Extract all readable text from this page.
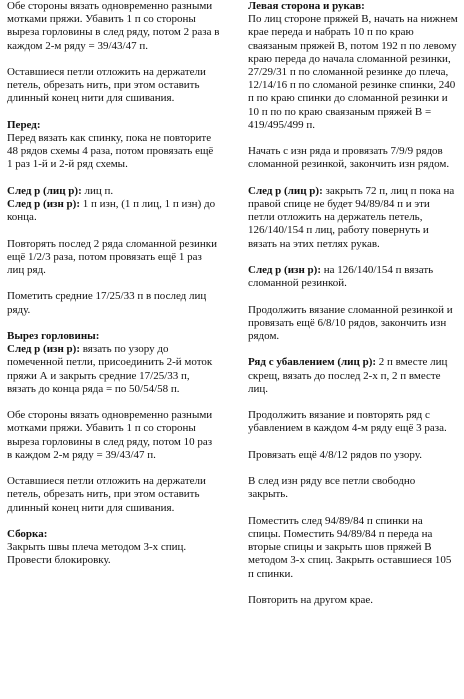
Обе стороны вязать одновременно разными мотками пряжи. Убавить 1 п со стороны выреза горловины в след ряду, потом 2 раза в каждом 2-м ряду = 39/43/47 п.

Оставшиеся петли отложить на держатели петель, обрезать нить, при этом оставить длинный конец нити для сшивания.

Перед:
Перед вязать как спинку, пока не повторите 48 рядов схемы 4 раза, потом провязать ещё 1 раз 1-й и 2-й ряд схемы.

След р (лиц р): лиц п.

След р (изн р): 1 п изн, (1 п лиц, 1 п изн) до конца.

Повторять послед 2 ряда сломанной резинки ещё 1/2/3 раза, потом провязать ещё 1 раз лиц ряд.

Пометить средние 17/25/33 п в послед лиц ряду.

Вырез горловины:
След р (изн р): вязать по узору до помеченной петли, присоединить 2-й моток пряжи А и закрыть средние 17/25/33 п, вязать до конца ряда = по 50/54/58 п.

Обе стороны вязать одновременно разными мотками пряжи. Убавить 1 п со стороны выреза горловины в след ряду, потом 10 раз в каждом 2-м ряду = 39/43/47 п.

Оставшиеся петли отложить на держатели петель, обрезать нить, при этом оставить длинный конец нити для сшивания.

Сборка:
Закрыть швы плеча методом 3-х спиц. Провести блокировку.

Левая сторона и рукав:
По лиц стороне пряжей В, начать на нижнем крае переда и набрать 10 п по краю сваязаным пряжей В, потом 192 п по левому краю переда до начала сломанной резинки, 27/29/31 п по сломанной резинке до плеча, 12/14/16 п по сломаной резинке спинки, 240 п по краю спинки до сломанной резинки и 10 п по по краю сваязаным пряжей В = 419/495/499 п.

Начать с изн ряда и провязать 7/9/9 рядов сломанной резинкой, закончить изн рядом.

След р (лиц р): закрыть 72 п, лиц п пока на правой спице не будет 94/89/84 п и эти петли отложить на держатель петель, 126/140/154 п лиц, работу повернуть и вязать на этих петлях рукав.

След р (изн р): на 126/140/154 п вязать сломанной резинкой.

Продолжить вязание сломанной резинкой и провязать ещё 6/8/10 рядов, закончить изн рядом.

Ряд с убавлением (лиц р): 2 п вместе лиц скрещ, вязать до послед 2-х п, 2 п вместе лиц.

Продолжить вязание и повторять ряд с убавлением в каждом 4-м ряду ещё 3 раза.

Провязать ещё 4/8/12 рядов по узору.

В след изн ряду все петли свободно закрыть.

Поместить след 94/89/84 п спинки на спицы. Поместить 94/89/84 п переда на вторые спицы и закрыть шов пряжей В методом 3-х спиц. Закрыть оставшиеся 105 п спинки.

Повторить на другом крае.
